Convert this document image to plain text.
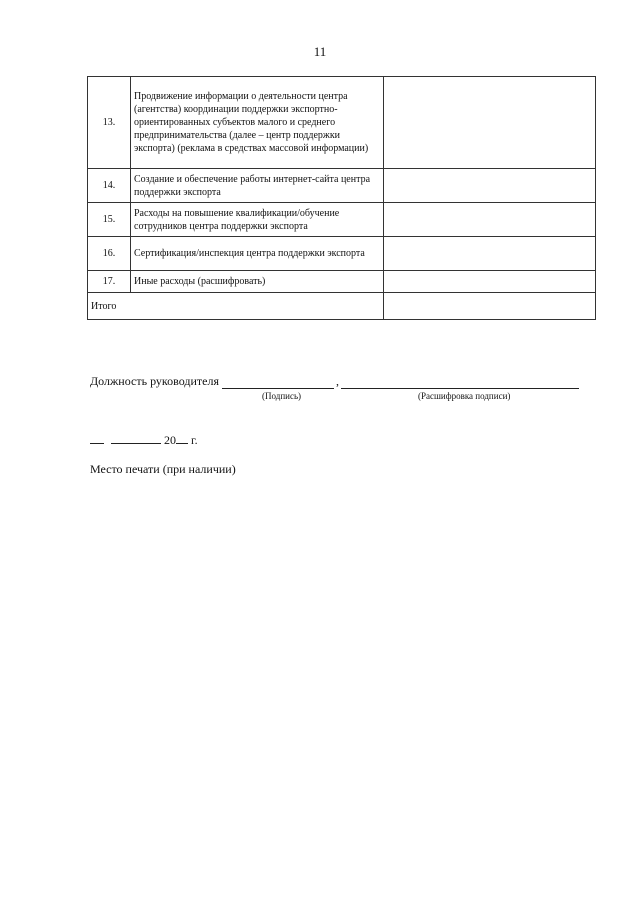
11
13.	Продвижение информации о деятельности центра (агентства) координации поддержки экспортно-ориентированных субъектов малого и среднего предпринимательства (далее – центр поддержки экспорта) (реклама в средствах массовой информации)	
14.	Создание и обеспечение работы интернет-сайта центра поддержки экспорта	
15.	Расходы на повышение квалификации/обучение сотрудников центра поддержки экспорта	
16.	Сертификация/инспекция центра поддержки экспорта	
17.	Иные расходы (расшифровать)	
Итого		
Должность руководителя	,
(Подпись)	(Расшифровка подписи)
20 г.
Место печати (при наличии)
